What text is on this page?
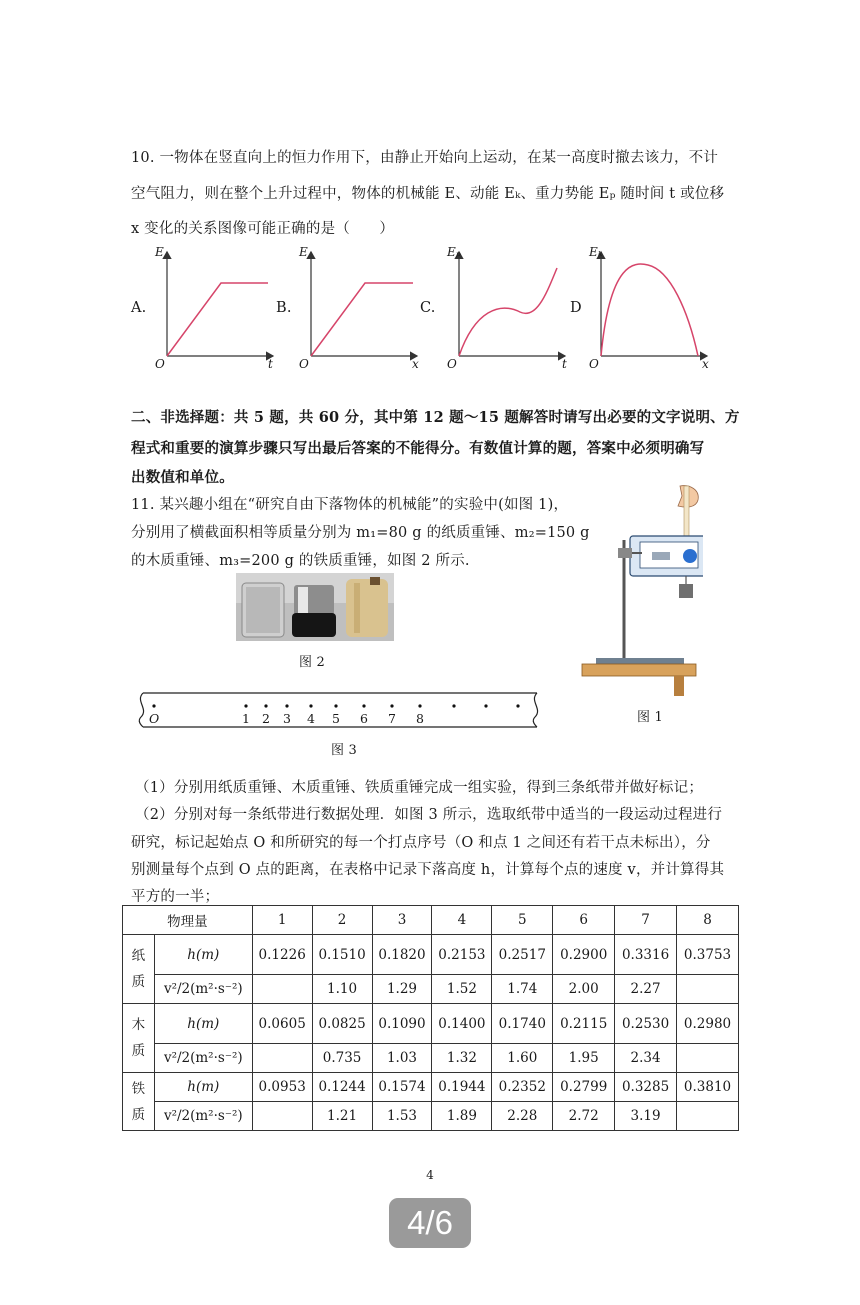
10. 一物体在竖直向上的恒力作用下，由静止开始向上运动，在某一高度时撤去该力，不计
空气阻力，则在整个上升过程中，物体的机械能 E、动能 Eₖ、重力势能 Eₚ 随时间 t 或位移
x 变化的关系图像可能正确的是（　　）
A.	B.	C.	D
E	E	Eₚ	Eₖ
O	O	O	O
t	x	t	x
二、非选择题：共 5 题，共 60 分，其中第 12 题～15 题解答时请写出必要的文字说明、方
程式和重要的演算步骤只写出最后答案的不能得分。有数值计算的题，答案中必须明确写
出数值和单位。
11. 某兴趣小组在“研究自由下落物体的机械能”的实验中(如图 1)，
分别用了横截面积相等质量分别为 m₁=80 g 的纸质重锤、m₂=150 g
的木质重锤、m₃=200 g 的铁质重锤，如图 2 所示.
图 2
图 1
O	1 2 3 4 5 6 7 8
图 3
（1）分别用纸质重锤、木质重锤、铁质重锤完成一组实验，得到三条纸带并做好标记；
（2）分别对每一条纸带进行数据处理．如图 3 所示，选取纸带中适当的一段运动过程进行
研究，标记起始点 O 和所研究的每一个打点序号（O 和点 1 之间还有若干点未标出），分
别测量每个点到 O 点的距离，在表格中记录下落高度 h，计算每个点的速度 v，并计算得其
平方的一半；
物理量		1	2	3	4	5	6	7	8
纸
质	h(m)	0.1226	0.1510	0.1820	0.2153	0.2517	0.2900	0.3316	0.3753
	v²/2(m²·s⁻²)		1.10	1.29	1.52	1.74	2.00	2.27	
木
质	h(m)	0.0605	0.0825	0.1090	0.1400	0.1740	0.2115	0.2530	0.2980
	v²/2(m²·s⁻²)		0.735	1.03	1.32	1.60	1.95	2.34	
铁
质	h(m)	0.0953	0.1244	0.1574	0.1944	0.2352	0.2799	0.3285	0.3810
	v²/2(m²·s⁻²)		1.21	1.53	1.89	2.28	2.72	3.19	
4
4/6
